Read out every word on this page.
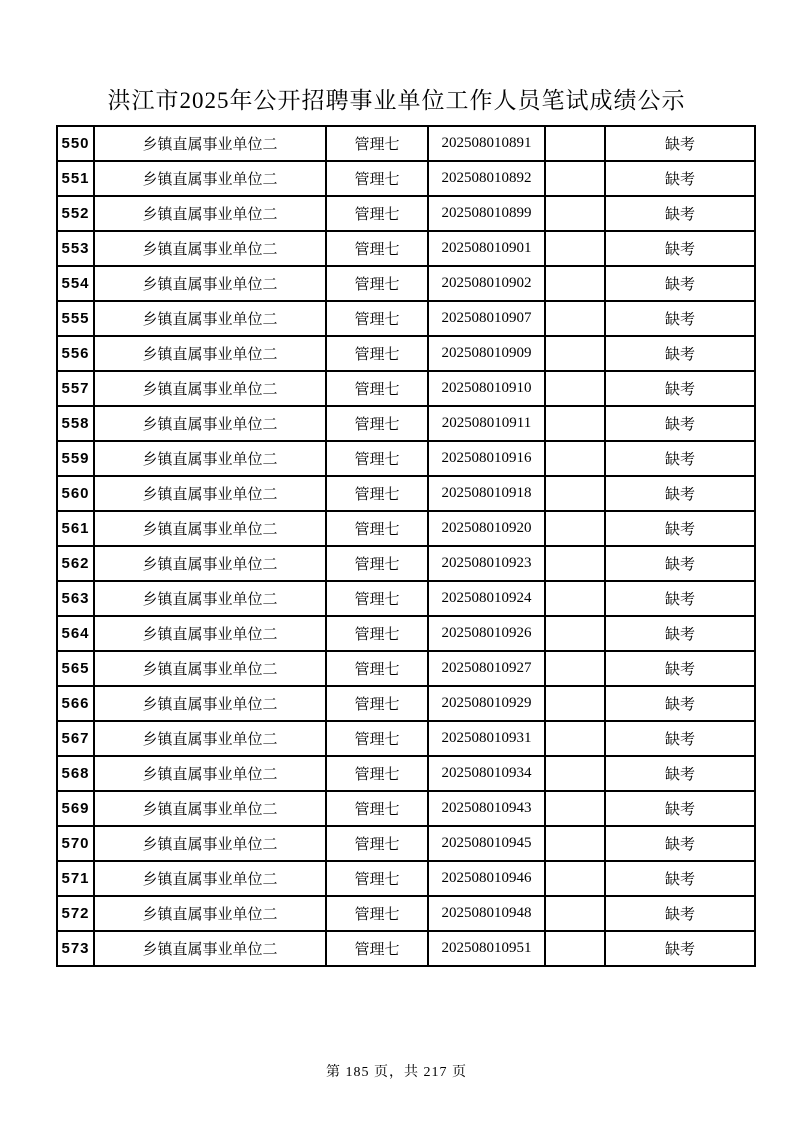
洪江市2025年公开招聘事业单位工作人员笔试成绩公示
550	乡镇直属事业单位二	管理七	202508010891		缺考
551	乡镇直属事业单位二	管理七	202508010892		缺考
552	乡镇直属事业单位二	管理七	202508010899		缺考
553	乡镇直属事业单位二	管理七	202508010901		缺考
554	乡镇直属事业单位二	管理七	202508010902		缺考
555	乡镇直属事业单位二	管理七	202508010907		缺考
556	乡镇直属事业单位二	管理七	202508010909		缺考
557	乡镇直属事业单位二	管理七	202508010910		缺考
558	乡镇直属事业单位二	管理七	202508010911		缺考
559	乡镇直属事业单位二	管理七	202508010916		缺考
560	乡镇直属事业单位二	管理七	202508010918		缺考
561	乡镇直属事业单位二	管理七	202508010920		缺考
562	乡镇直属事业单位二	管理七	202508010923		缺考
563	乡镇直属事业单位二	管理七	202508010924		缺考
564	乡镇直属事业单位二	管理七	202508010926		缺考
565	乡镇直属事业单位二	管理七	202508010927		缺考
566	乡镇直属事业单位二	管理七	202508010929		缺考
567	乡镇直属事业单位二	管理七	202508010931		缺考
568	乡镇直属事业单位二	管理七	202508010934		缺考
569	乡镇直属事业单位二	管理七	202508010943		缺考
570	乡镇直属事业单位二	管理七	202508010945		缺考
571	乡镇直属事业单位二	管理七	202508010946		缺考
572	乡镇直属事业单位二	管理七	202508010948		缺考
573	乡镇直属事业单位二	管理七	202508010951		缺考
第 185 页，共 217 页
